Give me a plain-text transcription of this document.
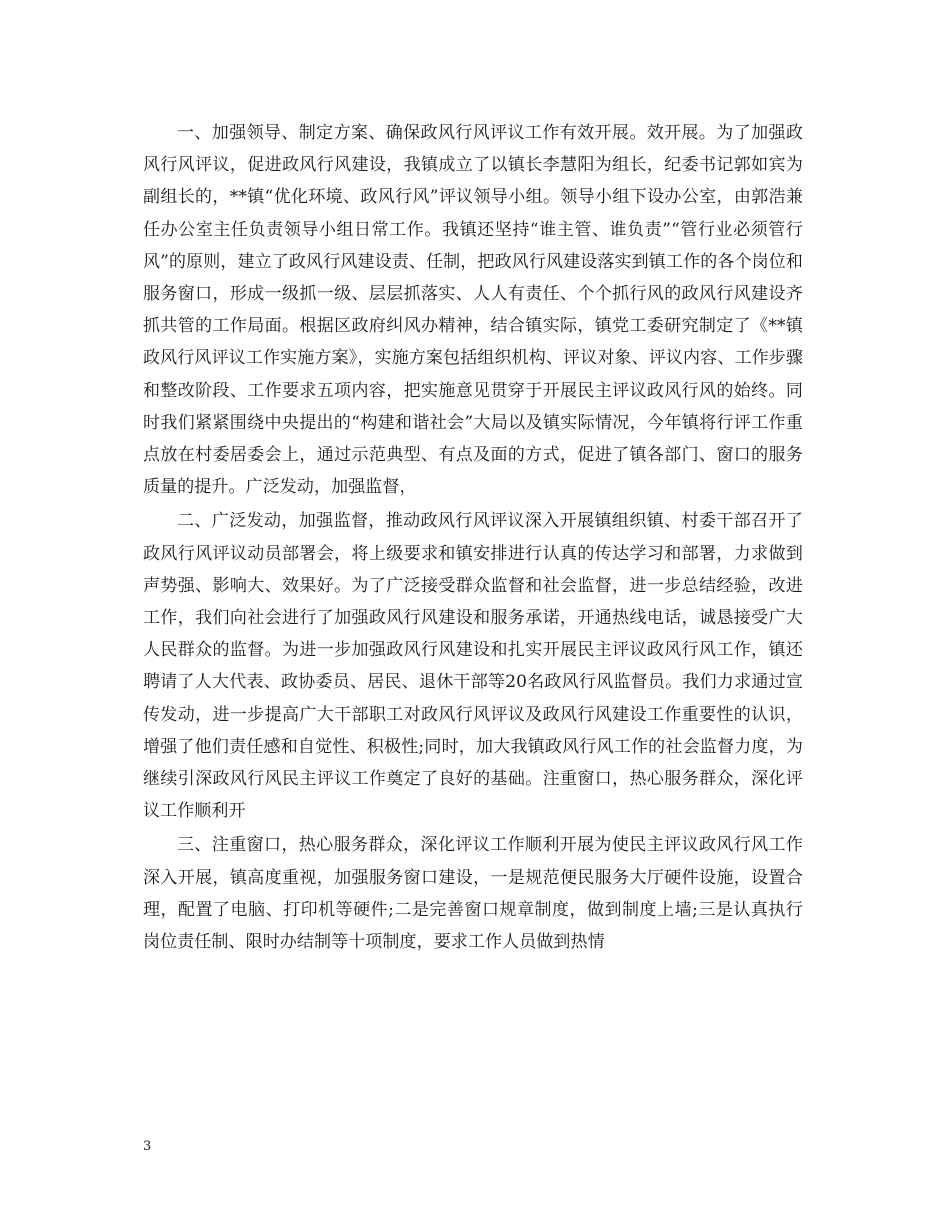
一、加强领导、制定方案、确保政风行风评议工作有效开展。效开展。为了加强政风行风评议，促进政风行风建设，我镇成立了以镇长李慧阳为组长，纪委书记郭如宾为副组长的，**镇“优化环境、政风行风”评议领导小组。领导小组下设办公室，由郭浩兼任办公室主任负责领导小组日常工作。我镇还坚持“谁主管、谁负责”“管行业必须管行风”的原则，建立了政风行风建设责、任制，把政风行风建设落实到镇工作的各个岗位和服务窗口，形成一级抓一级、层层抓落实、人人有责任、个个抓行风的政风行风建设齐抓共管的工作局面。根据区政府纠风办精神，结合镇实际，镇党工委研究制定了《**镇政风行风评议工作实施方案》，实施方案包括组织机构、评议对象、评议内容、工作步骤和整改阶段、工作要求五项内容，把实施意见贯穿于开展民主评议政风行风的始终。同时我们紧紧围绕中央提出的“构建和谐社会”大局以及镇实际情况，今年镇将行评工作重点放在村委居委会上，通过示范典型、有点及面的方式，促进了镇各部门、窗口的服务质量的提升。广泛发动，加强监督，

二、广泛发动，加强监督，推动政风行风评议深入开展镇组织镇、村委干部召开了政风行风评议动员部署会，将上级要求和镇安排进行认真的传达学习和部署，力求做到声势强、影响大、效果好。为了广泛接受群众监督和社会监督，进一步总结经验，改进工作，我们向社会进行了加强政风行风建设和服务承诺，开通热线电话，诚恳接受广大人民群众的监督。为进一步加强政风行风建设和扎实开展民主评议政风行风工作，镇还聘请了人大代表、政协委员、居民、退休干部等20名政风行风监督员。我们力求通过宣传发动，进一步提高广大干部职工对政风行风评议及政风行风建设工作重要性的认识，增强了他们责任感和自觉性、积极性;同时，加大我镇政风行风工作的社会监督力度，为继续引深政风行风民主评议工作奠定了良好的基础。注重窗口，热心服务群众，深化评议工作顺利开

三、注重窗口，热心服务群众，深化评议工作顺利开展为使民主评议政风行风工作深入开展，镇高度重视，加强服务窗口建设，一是规范便民服务大厅硬件设施，设置合理，配置了电脑、打印机等硬件;二是完善窗口规章制度，做到制度上墙;三是认真执行岗位责任制、限时办结制等十项制度，要求工作人员做到热情

3
